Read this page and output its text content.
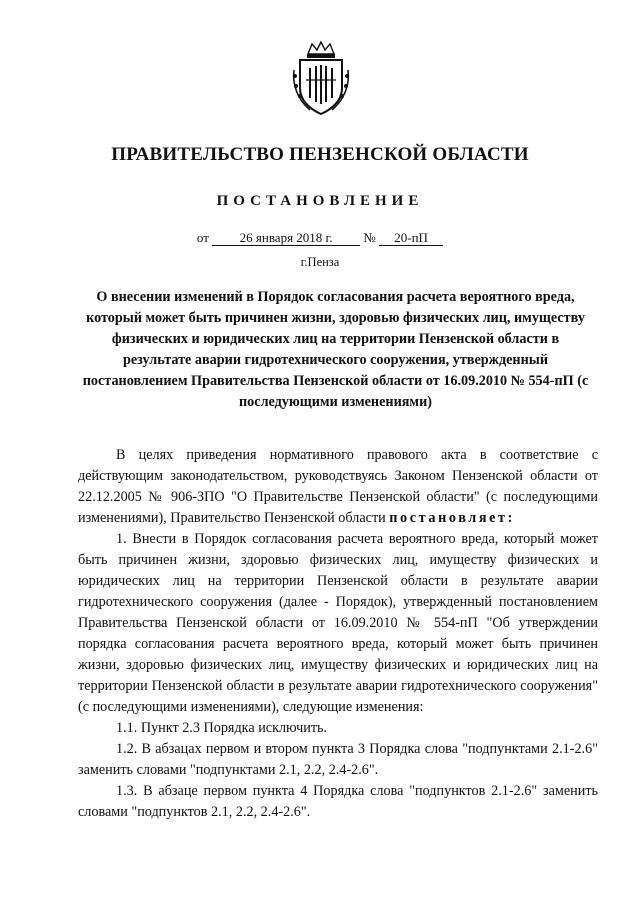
ПРАВИТЕЛЬСТВО ПЕНЗЕНСКОЙ ОБЛАСТИ
ПОСТАНОВЛЕНИЕ
от 26 января 2018 г. № 20-пП
г.Пенза
О внесении изменений в Порядок согласования расчета вероятного вреда, который может быть причинен жизни, здоровью физических лиц, имуществу физических и юридических лиц на территории Пензенской области в результате аварии гидротехнического сооружения, утвержденный постановлением Правительства Пензенской области от 16.09.2010 № 554-пП (с последующими изменениями)

В целях приведения нормативного правового акта в соответствие с действующим законодательством, руководствуясь Законом Пензенской области от 22.12.2005 № 906-ЗПО "О Правительстве Пензенской области" (с последующими изменениями), Правительство Пензенской области постановляет:

1. Внести в Порядок согласования расчета вероятного вреда, который может быть причинен жизни, здоровью физических лиц, имуществу физических и юридических лиц на территории Пензенской области в результате аварии гидротехнического сооружения (далее - Порядок), утвержденный постановлением Правительства Пензенской области от 16.09.2010 № 554-пП "Об утверждении порядка согласования расчета вероятного вреда, который может быть причинен жизни, здоровью физических лиц, имуществу физических и юридических лиц на территории Пензенской области в результате аварии гидротехнического сооружения" (с последующими изменениями), следующие изменения:

1.1. Пункт 2.3 Порядка исключить.

1.2. В абзацах первом и втором пункта 3 Порядка слова "подпунктами 2.1-2.6" заменить словами "подпунктами 2.1, 2.2, 2.4-2.6".

1.3. В абзаце первом пункта 4 Порядка слова "подпунктов 2.1-2.6" заменить словами "подпунктов 2.1, 2.2, 2.4-2.6".
